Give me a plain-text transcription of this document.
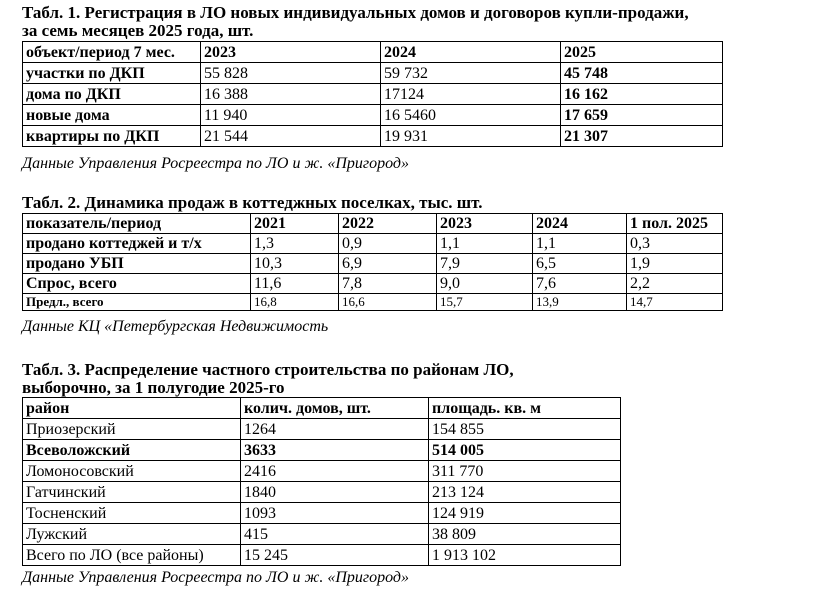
Табл. 1. Регистрация в ЛО новых индивидуальных домов и договоров купли-продажи,

за семь месяцев 2025 года, шт.

объект/период 7 мес.	2023	2024	2025
участки по ДКП	55 828	59 732	45 748
дома по ДКП	16 388	17124	16 162
новые дома	11 940	16 5460	17 659
квартиры по ДКП	21 544	19 931	21 307

Данные Управления Росреестра по ЛО и ж. «Пригород»

Табл. 2. Динамика продаж в коттеджных поселках, тыс. шт.

показатель/период	2021	2022	2023	2024	1 пол. 2025
продано коттеджей и т/х	1,3	0,9	1,1	1,1	0,3
продано УБП	10,3	6,9	7,9	6,5	1,9
Спрос, всего	11,6	7,8	9,0	7,6	2,2
Предл., всего	16,8	16,6	15,7	13,9	14,7

Данные КЦ «Петербургская Недвижимость

Табл. 3. Распределение частного строительства по районам ЛО,

выборочно, за 1 полугодие 2025-го

район	колич. домов, шт.	площадь. кв. м
Приозерский	1264	154 855
Всеволожский	3633	514 005
Ломоносовский	2416	311 770
Гатчинский	1840	213 124
Тосненский	1093	124 919
Лужский	415	38 809
Всего по ЛО (все районы)	15 245	1 913 102

Данные Управления Росреестра по ЛО и ж. «Пригород»
